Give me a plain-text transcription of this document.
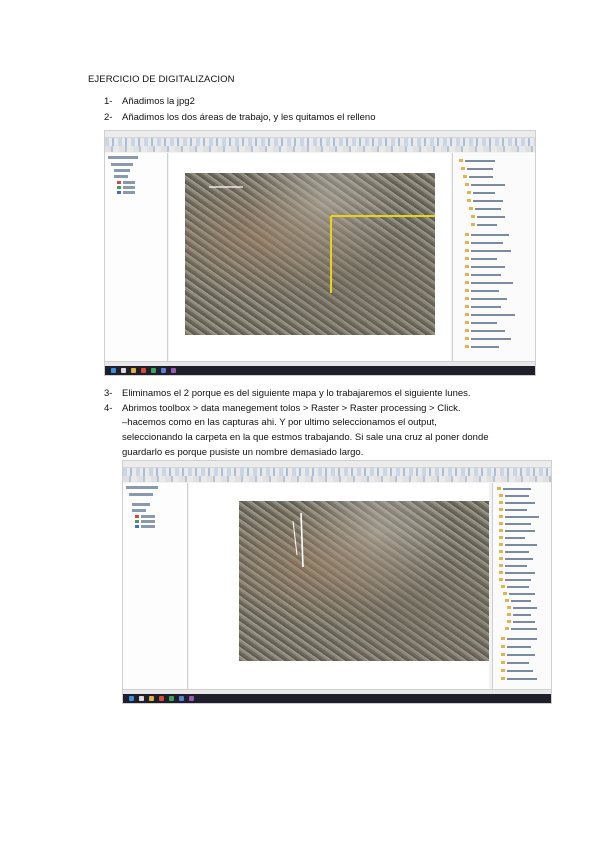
EJERCICIO DE DIGITALIZACION
1-	Añadimos la jpg2
2-	Añadimos los dos áreas de trabajo, y les quitamos el relleno
3-	Eliminamos el 2 porque es del siguiente mapa y lo trabajaremos el siguiente lunes.
4-	Abrimos toolbox > data manegement tolos > Raster > Raster processing > Click.
–hacemos como en las capturas ahi. Y por ultimo seleccionamos el output,
seleccionando la carpeta en la que estmos trabajando. Si sale una cruz al poner donde
guardarlo es porque pusiste un nombre demasiado largo.
